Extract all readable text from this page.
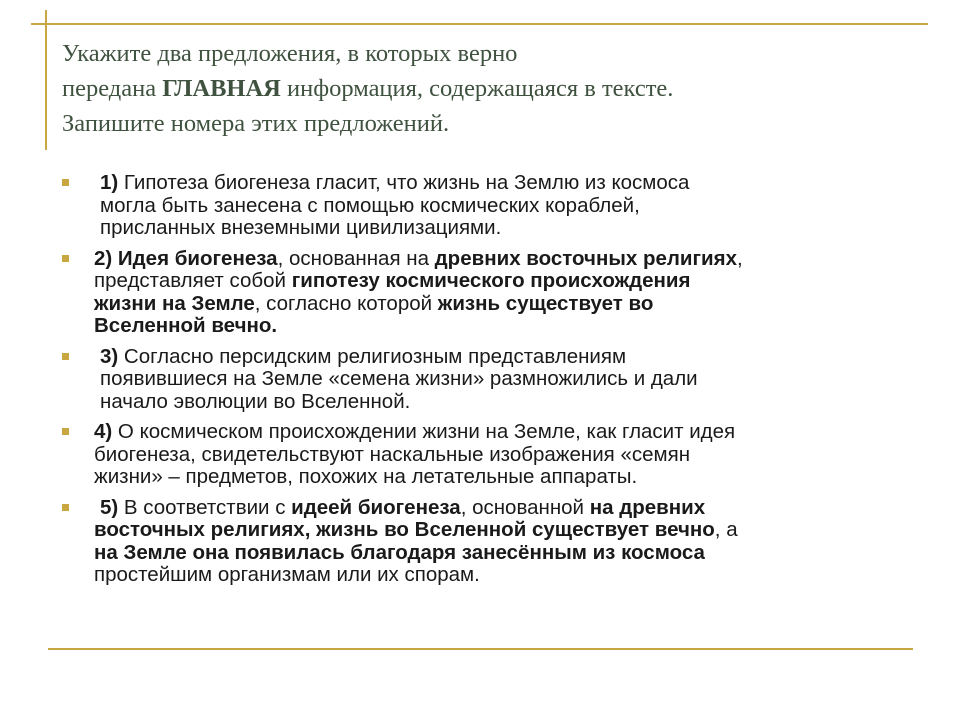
Укажите два предложения, в которых верно
передана ГЛАВНАЯ информация, содержащаяся в тексте.
Запишите номера этих предложений.
1) Гипотеза биогенеза гласит, что жизнь на Землю из космоса
могла быть занесена с помощью космических кораблей,
присланных внеземными цивилизациями.
2) Идея биогенеза, основанная на древних восточных религиях,
представляет собой гипотезу космического происхождения
жизни на Земле, согласно которой жизнь существует во
Вселенной вечно.
3) Согласно персидским религиозным представлениям
появившиеся на Земле «семена жизни» размножились и дали
начало эволюции во Вселенной.
4) О космическом происхождении жизни на Земле, как гласит идея
биогенеза, свидетельствуют наскальные изображения «семян
жизни» – предметов, похожих на летательные аппараты.
5) В соответствии с идеей биогенеза, основанной на древних
восточных религиях, жизнь во Вселенной существует вечно, а
на Земле она появилась благодаря занесённым из космоса
простейшим организмам или их спорам.
